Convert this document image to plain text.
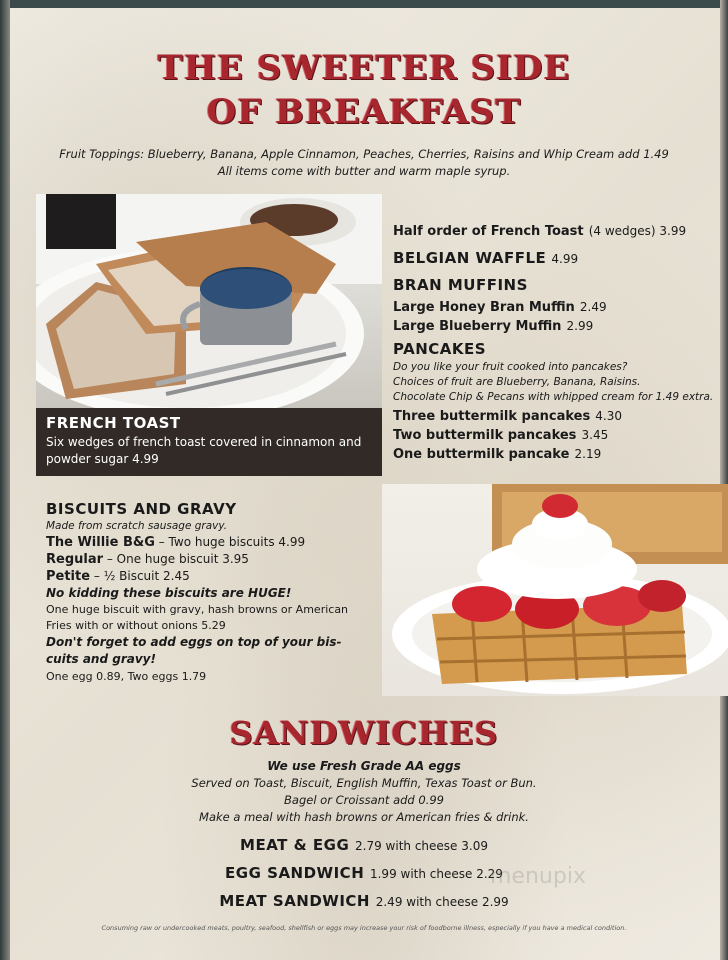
THE SWEETER SIDE
OF BREAKFAST
Fruit Toppings: Blueberry, Banana, Apple Cinnamon, Peaches, Cherries, Raisins and Whip Cream add 1.49
All items come with butter and warm maple syrup.
FRENCH TOAST
Six wedges of french toast covered in cinnamon and
powder sugar 4.99
Half order of French Toast (4 wedges) 3.99
BELGIAN WAFFLE 4.99
BRAN MUFFINS
Large Honey Bran Muffin 2.49
Large Blueberry Muffin 2.99
PANCAKES
Do you like your fruit cooked into pancakes?
Choices of fruit are Blueberry, Banana, Raisins.
Chocolate Chip & Pecans with whipped cream for 1.49 extra.
Three buttermilk pancakes 4.30
Two buttermilk pancakes 3.45
One buttermilk pancake 2.19
BISCUITS AND GRAVY
Made from scratch sausage gravy.
The Willie B&G – Two huge biscuits 4.99
Regular – One huge biscuit 3.95
Petite – ½ Biscuit 2.45
No kidding these biscuits are HUGE!
One huge biscuit with gravy, hash browns or American
Fries with or without onions 5.29
Don't forget to add eggs on top of your bis-
cuits and gravy!
One egg 0.89, Two eggs 1.79
SANDWICHES
We use Fresh Grade AA eggs
Served on Toast, Biscuit, English Muffin, Texas Toast or Bun.
Bagel or Croissant add 0.99
Make a meal with hash browns or American fries & drink.
MEAT & EGG 2.79 with cheese 3.09
EGG SANDWICH 1.99 with cheese 2.29
MEAT SANDWICH 2.49 with cheese 2.99
Consuming raw or undercooked meats, poultry, seafood, shellfish or eggs may increase your risk of foodborne illness, especially if you have a medical condition.
menupix
